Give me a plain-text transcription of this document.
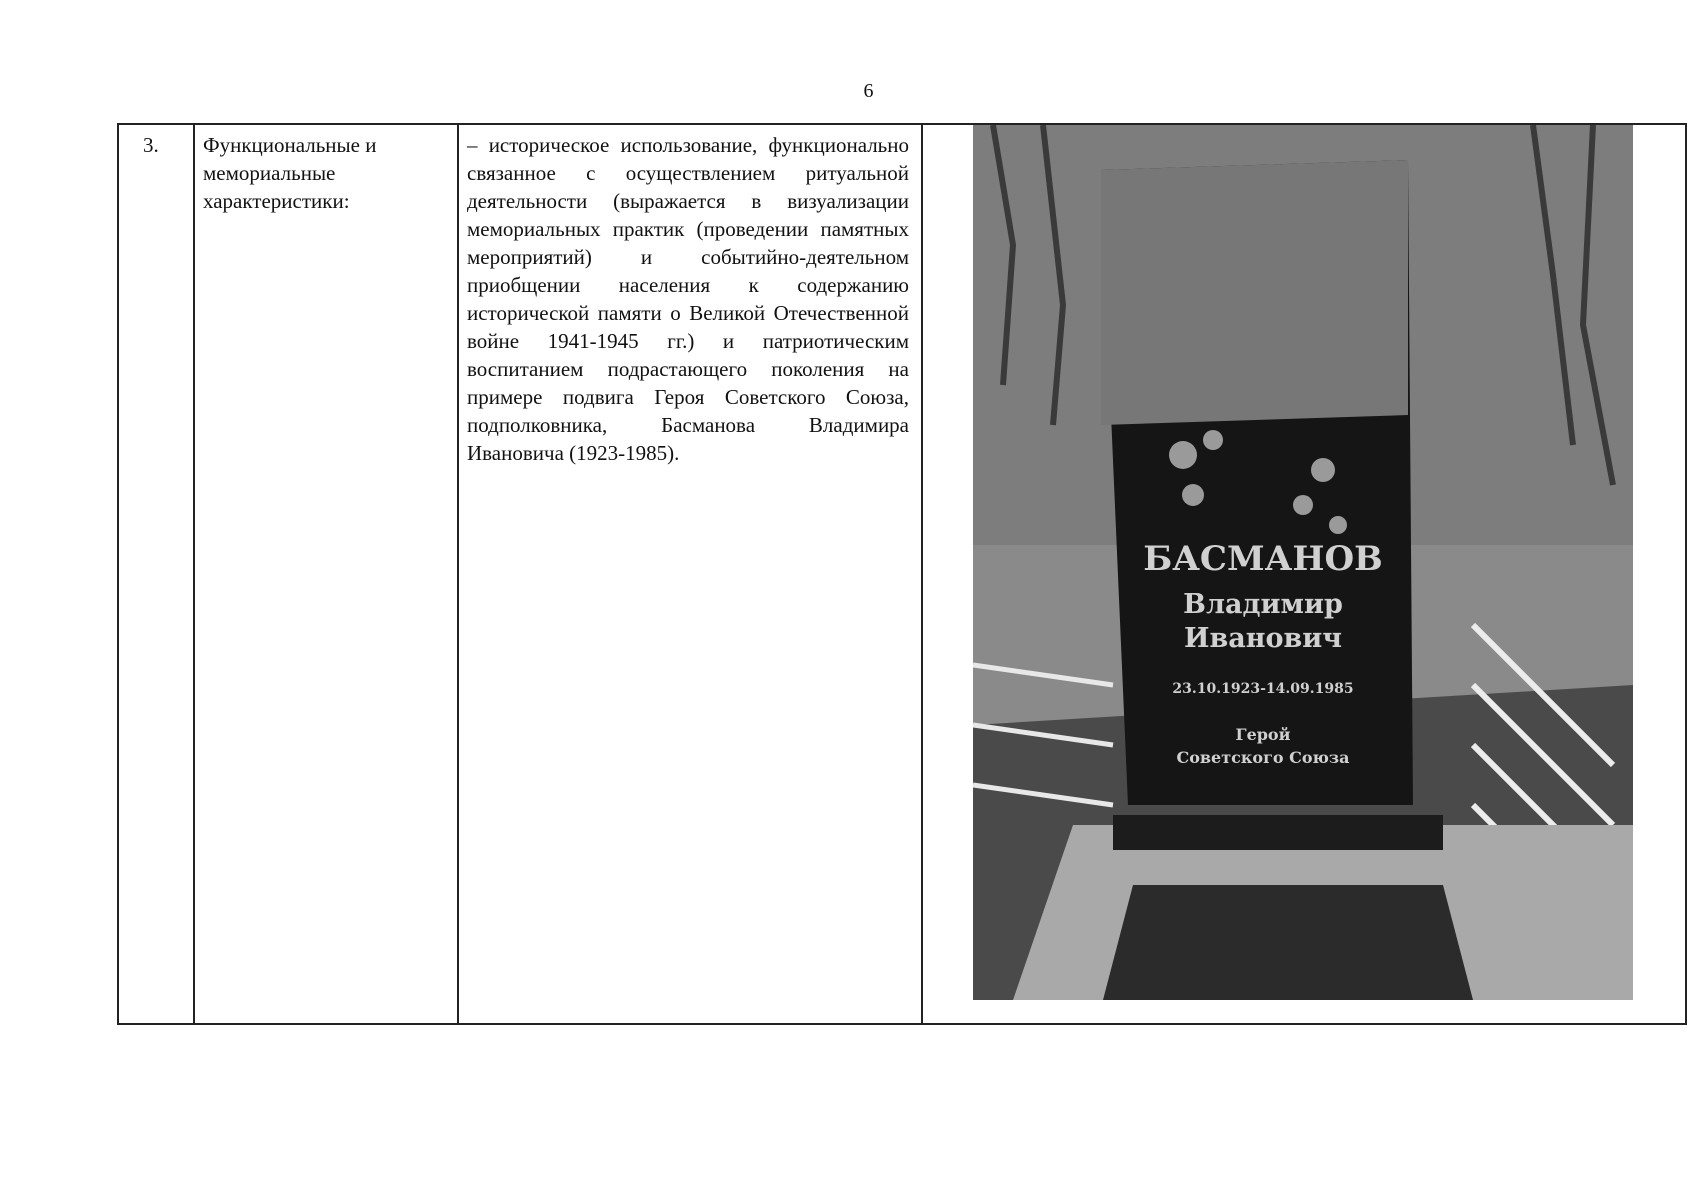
6
3.	Функциональные и мемориальные характеристики:
– историческое использование, функционально связанное с осуществлением ритуальной деятельности (выражается в визуализации мемориальных практик (проведении памятных мероприятий) и событийно-деятельном приобщении населения к содержанию исторической памяти о Великой Отечественной войне 1941-1945 гг.) и патриотическим воспитанием подрастающего поколения на примере подвига Героя Советского Союза, подполковника, Басманова Владимира Ивановича (1923-1985).
БАСМАНОВ
Владимир
Иванович
23.10.1923-14.09.1985
Герой
Советского Союза
